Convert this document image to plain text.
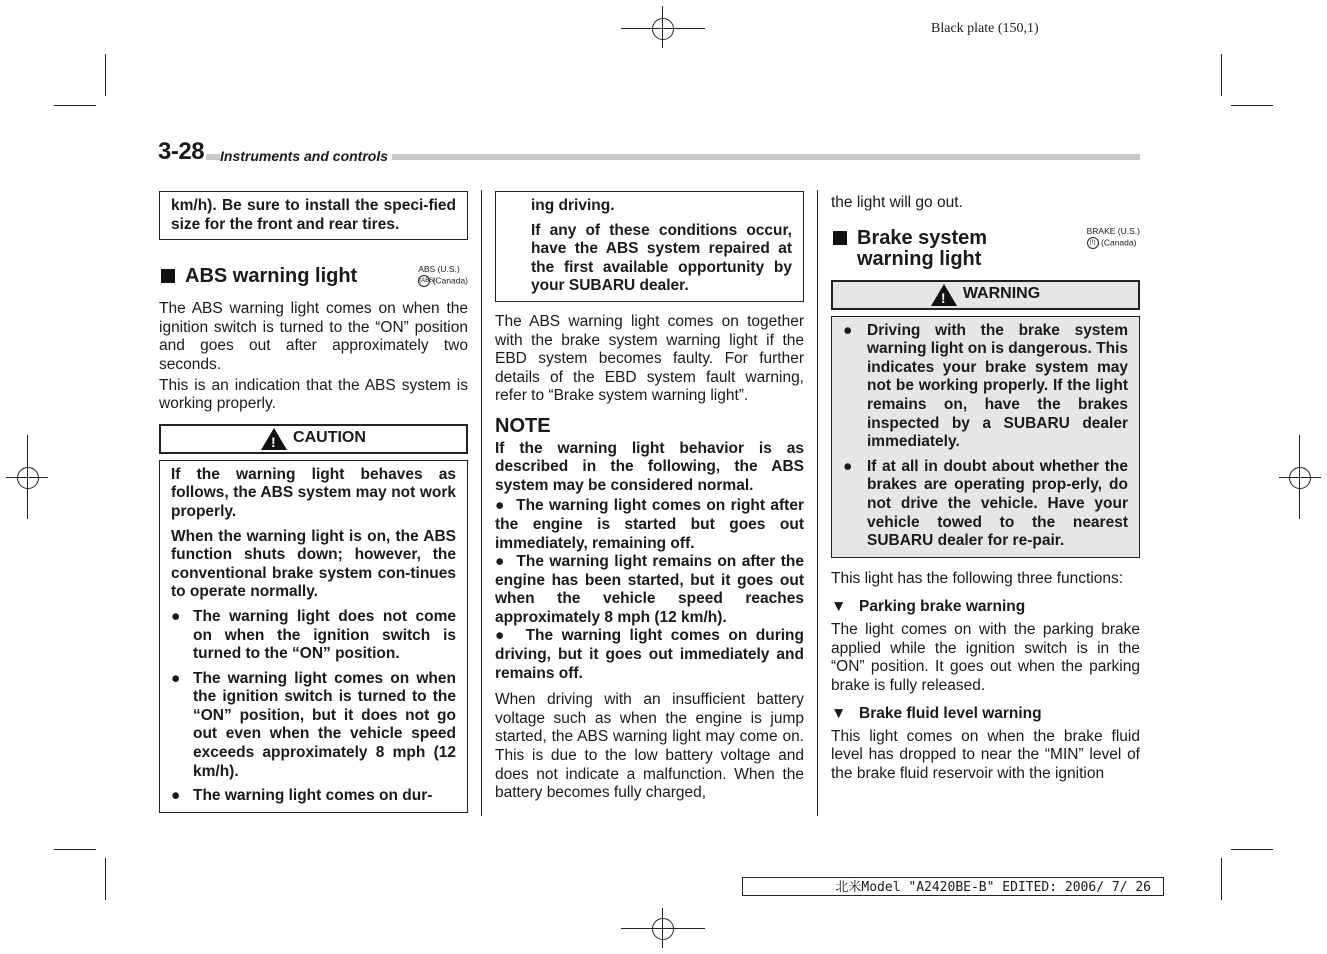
Black plate (150,1)
3-28 Instruments and controls

km/h). Be sure to install the speci-fied size for the front and rear tires.

ABS warning light	ABS (U.S.)
(ABS) (Canada)

The ABS warning light comes on when the ignition switch is turned to the “ON” position and goes out after approximately two seconds.

This is an indication that the ABS system is working properly.

! CAUTION

If the warning light behaves as follows, the ABS system may not work properly.

When the warning light is on, the ABS function shuts down; however, the conventional brake system con-tinues to operate normally.

● The warning light does not come on when the ignition switch is turned to the “ON” position.
● The warning light comes on when the ignition switch is turned to the “ON” position, but it does not go out even when the vehicle speed exceeds approximately 8 mph (12 km/h).
● The warning light comes on dur-

ing driving.

If any of these conditions occur, have the ABS system repaired at the first available opportunity by your SUBARU dealer.

The ABS warning light comes on together with the brake system warning light if the EBD system becomes faulty. For further details of the EBD system fault warning, refer to “Brake system warning light”.

NOTE

If the warning light behavior is as described in the following, the ABS system may be considered normal.

●  The warning light comes on right after the engine is started but goes out immediately, remaining off.

●  The warning light remains on after the engine has been started, but it goes out when the vehicle speed reaches approximately 8 mph (12 km/h).

●  The warning light comes on during driving, but it goes out immediately and remains off.

When driving with an insufficient battery voltage such as when the engine is jump started, the ABS warning light may come on. This is due to the low battery voltage and does not indicate a malfunction. When the battery becomes fully charged,

the light will go out.

Brake system
warning light
BRAKE (U.S.)
(!) (Canada)
! WARNING
● Driving with the brake system warning light on is dangerous. This indicates your brake system may not be working properly. If the light remains on, have the brakes inspected by a SUBARU dealer immediately.
● If at all in doubt about whether the brakes are operating prop-erly, do not drive the vehicle. Have your vehicle towed to the nearest SUBARU dealer for re-pair.

This light has the following three functions:

▼ Parking brake warning

The light comes on with the parking brake applied while the ignition switch is in the “ON” position. It goes out when the parking brake is fully released.

▼ Brake fluid level warning

This light comes on when the brake fluid level has dropped to near the “MIN” level of the brake fluid reservoir with the ignition

北米Model "A2420BE-B" EDITED: 2006/ 7/ 26
